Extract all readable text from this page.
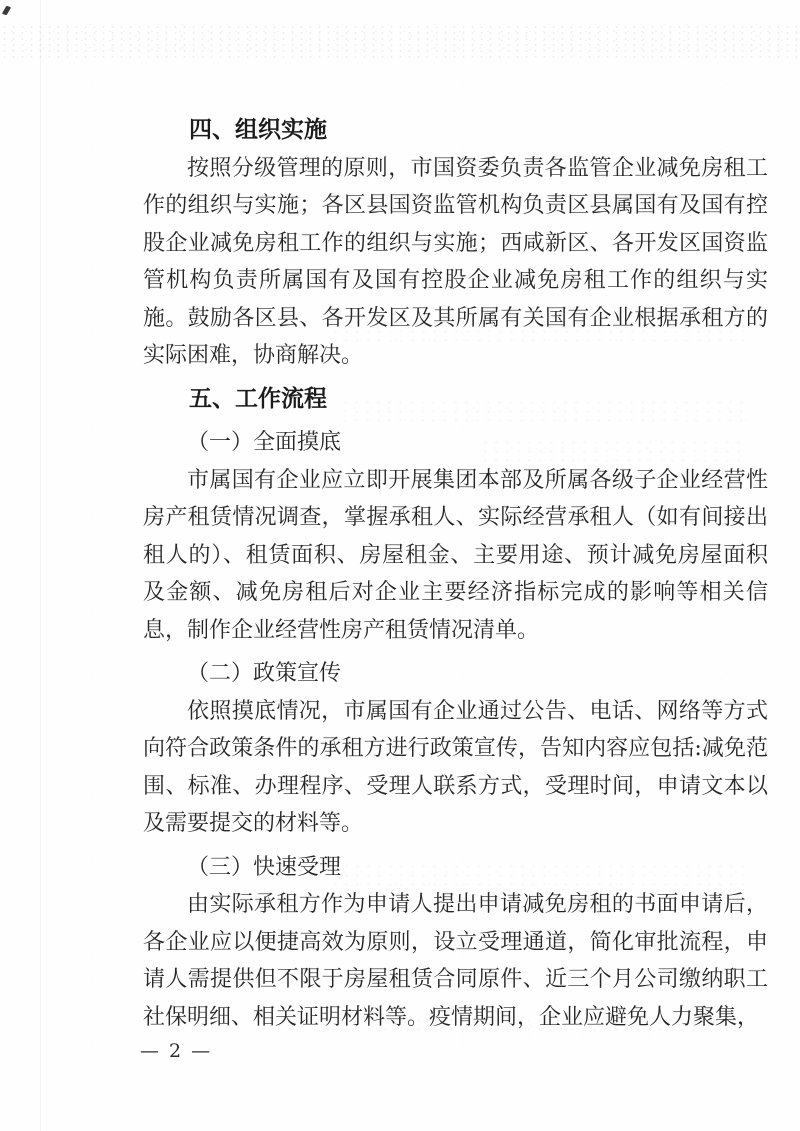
四、组织实施

按照分级管理的原则，市国资委负责各监管企业减免房租工作的组织与实施；各区县国资监管机构负责区县属国有及国有控股企业减免房租工作的组织与实施；西咸新区、各开发区国资监管机构负责所属国有及国有控股企业减免房租工作的组织与实施。鼓励各区县、各开发区及其所属有关国有企业根据承租方的实际困难，协商解决。

五、工作流程
（一）全面摸底

市属国有企业应立即开展集团本部及所属各级子企业经营性房产租赁情况调查，掌握承租人、实际经营承租人（如有间接出租人的）、租赁面积、房屋租金、主要用途、预计减免房屋面积及金额、减免房租后对企业主要经济指标完成的影响等相关信息，制作企业经营性房产租赁情况清单。

（二）政策宣传

依照摸底情况，市属国有企业通过公告、电话、网络等方式向符合政策条件的承租方进行政策宣传，告知内容应包括:减免范围、标准、办理程序、受理人联系方式，受理时间，申请文本以及需要提交的材料等。

（三）快速受理

由实际承租方作为申请人提出申请减免房租的书面申请后，各企业应以便捷高效为原则，设立受理通道，简化审批流程，申请人需提供但不限于房屋租赁合同原件、近三个月公司缴纳职工社保明细、相关证明材料等。疫情期间，企业应避免人力聚集，

— 2 —
